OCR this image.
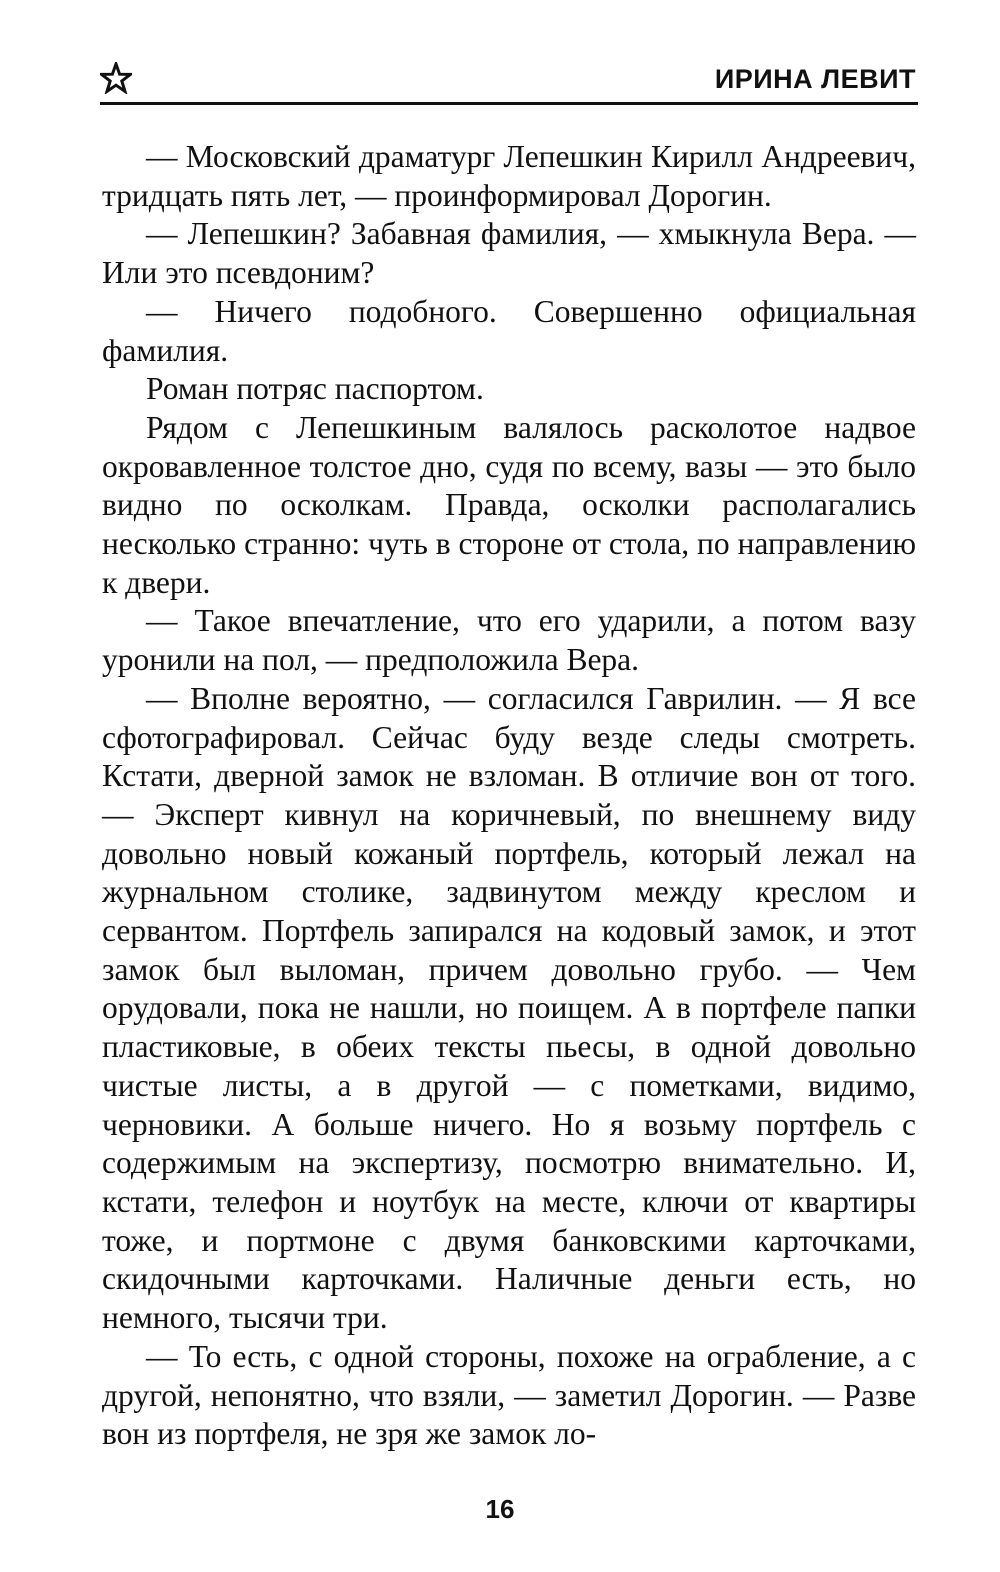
ИРИНА ЛЕВИТ

— Московский драматург Лепешкин Кирилл Андреевич, тридцать пять лет, — проинформировал Дорогин.

— Лепешкин? Забавная фамилия, — хмыкнула Вера. — Или это псевдоним?

— Ничего подобного. Совершенно официальная фамилия.

Роман потряс паспортом.

Рядом с Лепешкиным валялось расколотое надвое окровавленное толстое дно, судя по всему, вазы — это было видно по осколкам. Правда, осколки располагались несколько странно: чуть в стороне от стола, по направлению к двери.

— Такое впечатление, что его ударили, а потом вазу уронили на пол, — предположила Вера.

— Вполне вероятно, — согласился Гаврилин. — Я все сфотографировал. Сейчас буду везде следы смотреть. Кстати, дверной замок не взломан. В отличие вон от того. — Эксперт кивнул на коричневый, по внешнему виду довольно новый кожаный портфель, который лежал на журнальном столике, задвинутом между креслом и сервантом. Портфель запирался на кодовый замок, и этот замок был выломан, причем довольно грубо. — Чем орудовали, пока не нашли, но поищем. А в портфеле папки пластиковые, в обеих тексты пьесы, в одной довольно чистые листы, а в другой — с пометками, видимо, черновики. А больше ничего. Но я возьму портфель с содержимым на экспертизу, посмотрю внимательно. И, кстати, телефон и ноутбук на месте, ключи от квартиры тоже, и портмоне с двумя банковскими карточками, скидочными карточками. Наличные деньги есть, но немного, тысячи три.

— То есть, с одной стороны, похоже на ограбление, а с другой, непонятно, что взяли, — заметил Дорогин. — Разве вон из портфеля, не зря же замок ло-

16
